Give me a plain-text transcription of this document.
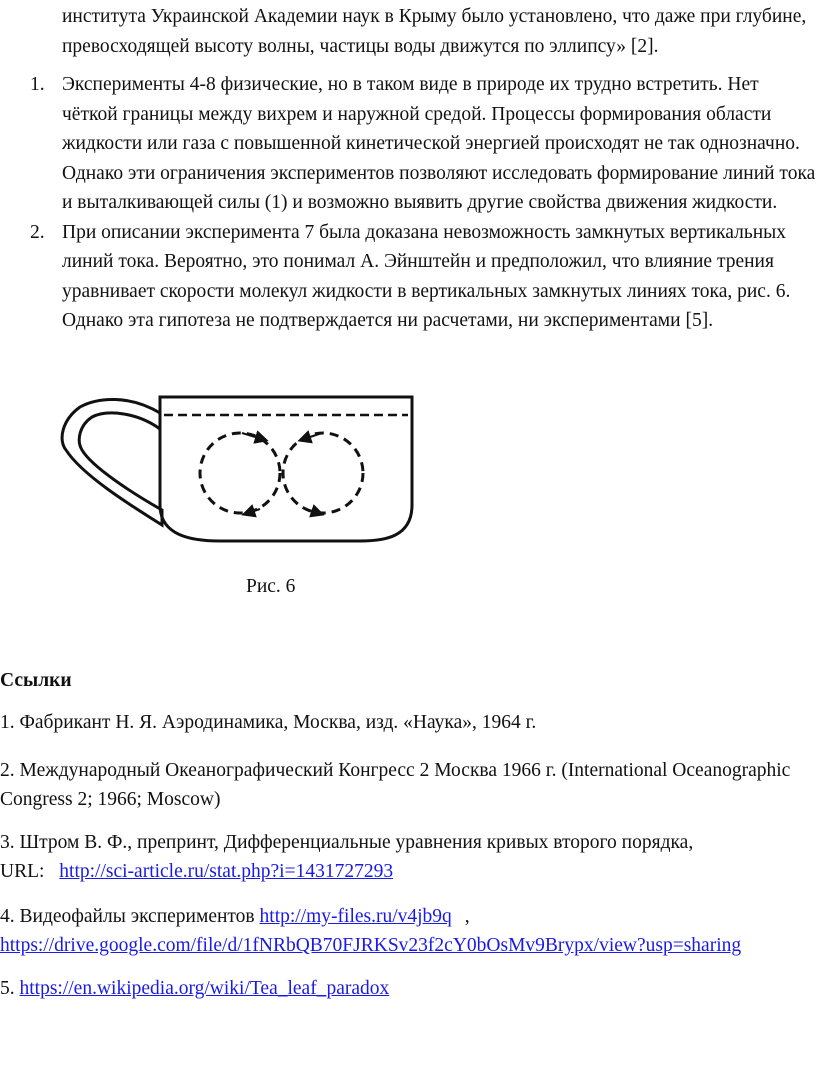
института Украинской Академии наук в Крыму было установлено, что даже при глубине, превосходящей высоту волны, частицы воды движутся по эллипсу» [2].
1. Эксперименты 4-8 физические, но в таком виде в природе их трудно встретить. Нет чёткой границы между вихрем и наружной средой. Процессы формирования области жидкости или газа с повышенной кинетической энергией происходят не так однозначно. Однако эти ограничения экспериментов позволяют исследовать формирование линий тока и выталкивающей силы (1) и возможно выявить другие свойства движения жидкости.
2. При описании эксперимента 7 была доказана невозможность замкнутых вертикальных линий тока. Вероятно, это понимал А. Эйнштейн и предположил, что влияние трения уравнивает скорости молекул жидкости в вертикальных замкнутых линиях тока, рис. 6. Однако эта гипотеза не подтверждается ни расчетами, ни экспериментами [5].
Рис. 6
Ссылки
1. Фабрикант Н. Я. Аэродинамика, Москва, изд. «Наука», 1964 г.
2. Международный Океанографический Конгресс 2 Москва 1966 г. (International Oceanographic Congress 2; 1966; Moscow)
3. Штром В. Ф., препринт, Дифференциальные уравнения кривых второго порядка,
URL: http://sci-article.ru/stat.php?i=1431727293
4. Видеофайлы экспериментов http://my-files.ru/v4jb9q ,
https://drive.google.com/file/d/1fNRbQB70FJRKSv23f2cY0bOsMv9Brypx/view?usp=sharing
5. https://en.wikipedia.org/wiki/Tea_leaf_paradox
